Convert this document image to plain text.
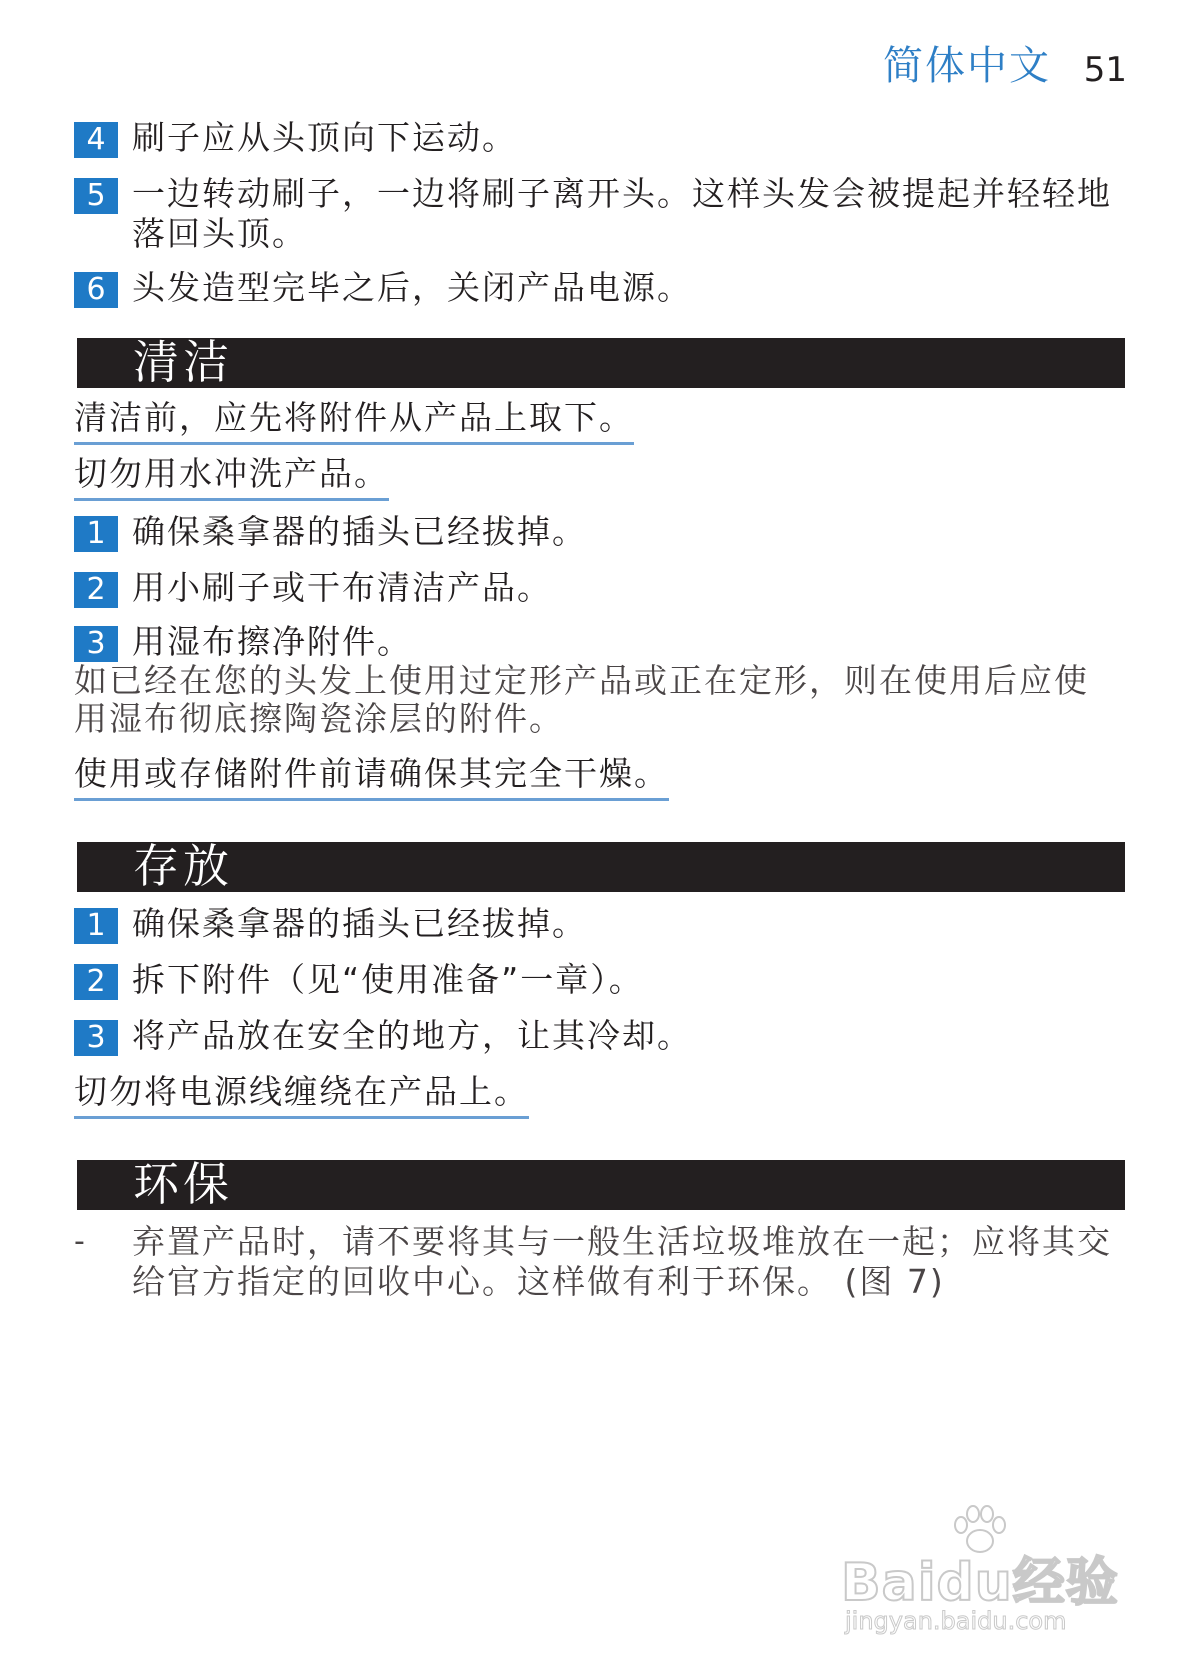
简体中文 51
4 刷子应从头顶向下运动。
5 一边转动刷子，一边将刷子离开头。这样头发会被提起并轻轻地落回头顶。
6 头发造型完毕之后，关闭产品电源。
清洁
清洁前，应先将附件从产品上取下。
切勿用水冲洗产品。
1 确保桑拿器的插头已经拔掉。
2 用小刷子或干布清洁产品。
3 用湿布擦净附件。
如已经在您的头发上使用过定形产品或正在定形，则在使用后应使用湿布彻底擦陶瓷涂层的附件。
使用或存储附件前请确保其完全干燥。
存放
1 确保桑拿器的插头已经拔掉。
2 拆下附件（见“使用准备”一章）。
3 将产品放在安全的地方，让其冷却。
切勿将电源线缠绕在产品上。
环保
-	弃置产品时，请不要将其与一般生活垃圾堆放在一起；应将其交给官方指定的回收中心。这样做有利于环保。 (图 7)
Baidu经验
jingyan.baidu.com
